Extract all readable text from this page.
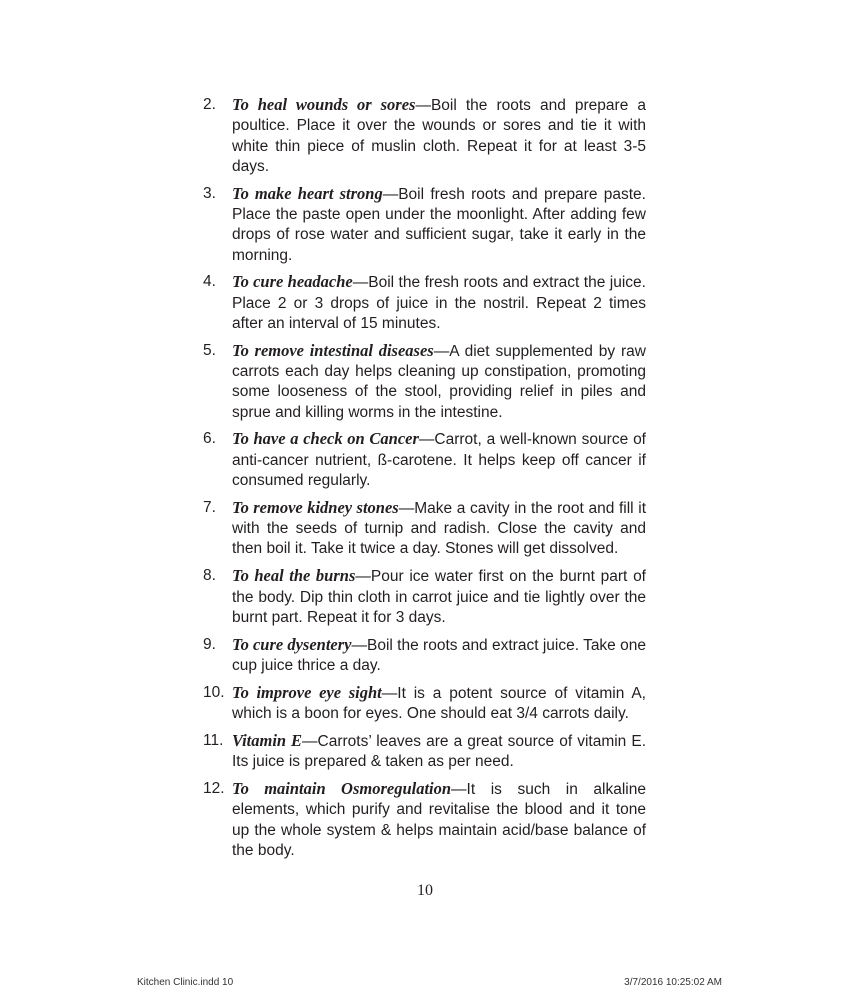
2. To heal wounds or sores—Boil the roots and prepare a poultice. Place it over the wounds or sores and tie it with white thin piece of muslin cloth. Repeat it for at least 3-5 days.
3. To make heart strong—Boil fresh roots and prepare paste. Place the paste open under the moonlight. After adding few drops of rose water and sufficient sugar, take it early in the morning.
4. To cure headache—Boil the fresh roots and extract the juice. Place 2 or 3 drops of juice in the nostril. Repeat 2 times after an interval of 15 minutes.
5. To remove intestinal diseases—A diet supplemented by raw carrots each day helps cleaning up constipation, promoting some looseness of the stool, providing relief in piles and sprue and killing worms in the intestine.
6. To have a check on Cancer—Carrot, a well-known source of anti-cancer nutrient, ß-carotene. It helps keep off cancer if consumed regularly.
7. To remove kidney stones—Make a cavity in the root and fill it with the seeds of turnip and radish. Close the cavity and then boil it. Take it twice a day. Stones will get dissolved.
8. To heal the burns—Pour ice water first on the burnt part of the body. Dip thin cloth in carrot juice and tie lightly over the burnt part. Repeat it for 3 days.
9. To cure dysentery—Boil the roots and extract juice. Take one cup juice thrice a day.
10. To improve eye sight—It is a potent source of vitamin A, which is a boon for eyes. One should eat 3/4 carrots daily.
11. Vitamin E—Carrots’ leaves are a great source of vitamin E. Its juice is prepared & taken as per need.
12. To maintain Osmoregulation—It is such in alkaline elements, which purify and revitalise the blood and it tone up the whole system & helps maintain acid/base balance of the body.
10
Kitchen Clinic.indd 10	3/7/2016 10:25:02 AM
